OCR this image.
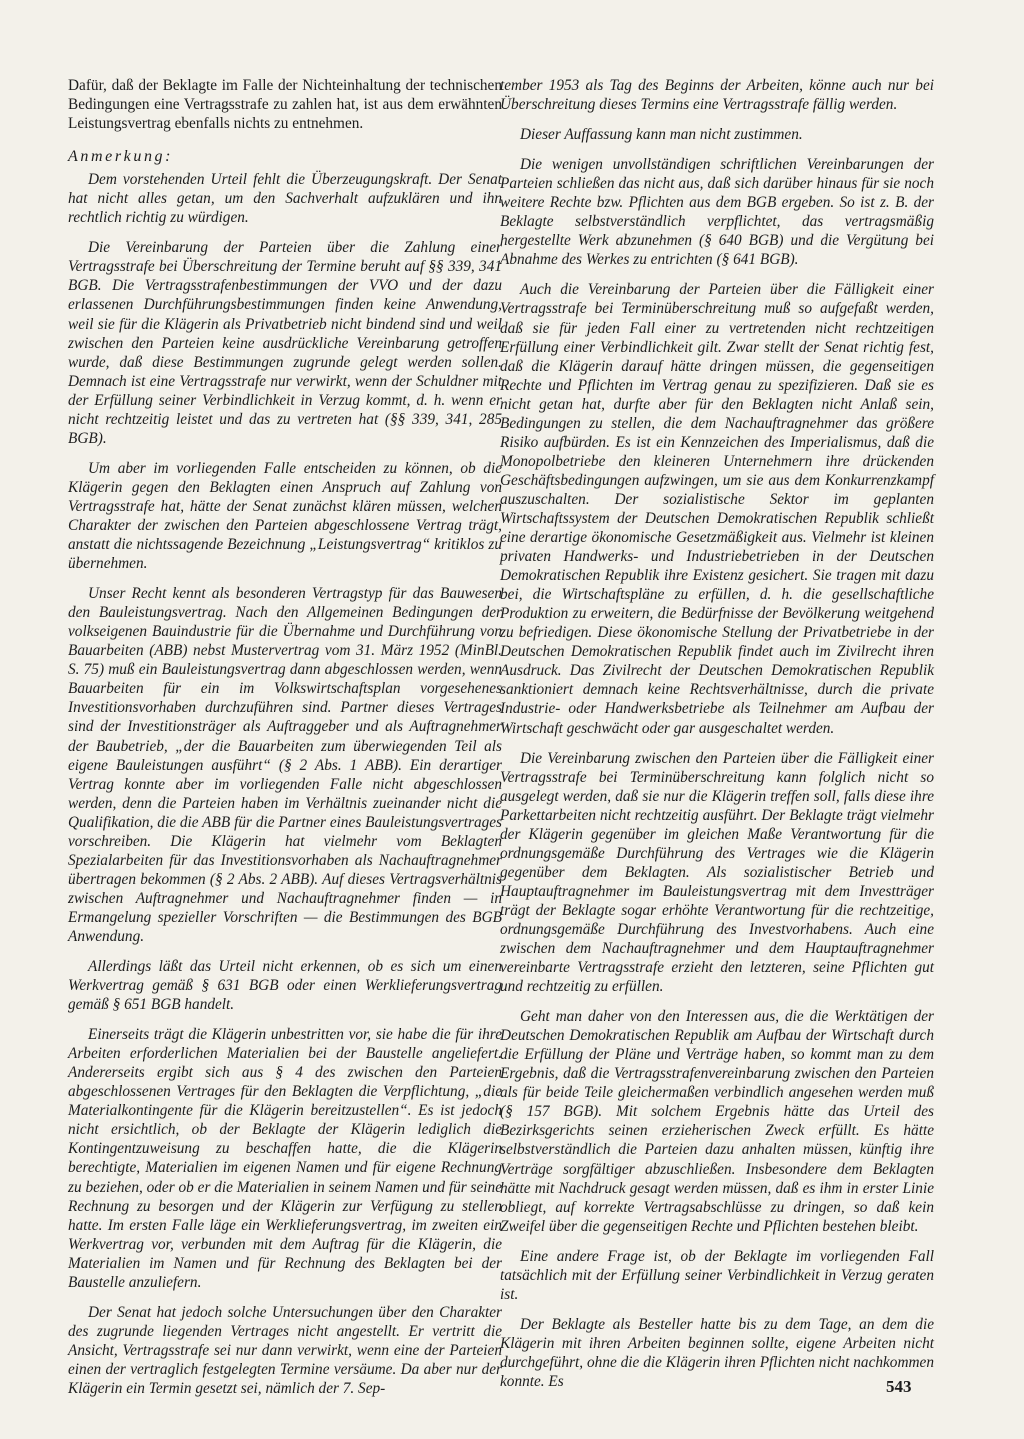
Dafür, daß der Beklagte im Falle der Nichteinhaltung der technischen Bedingungen eine Vertragsstrafe zu zahlen hat, ist aus dem erwähnten Leistungsvertrag ebenfalls nichts zu entnehmen.

Anmerkung:

Dem vorstehenden Urteil fehlt die Überzeugungskraft. Der Senat hat nicht alles getan, um den Sachverhalt aufzuklären und ihn rechtlich richtig zu würdigen.

Die Vereinbarung der Parteien über die Zahlung einer Vertragsstrafe bei Überschreitung der Termine beruht auf §§ 339, 341 BGB. Die Vertragsstrafenbestimmungen der VVO und der dazu erlassenen Durchführungsbestimmungen finden keine Anwendung, weil sie für die Klägerin als Privatbetrieb nicht bindend sind und weil zwischen den Parteien keine ausdrückliche Vereinbarung getroffen wurde, daß diese Bestimmungen zugrunde gelegt werden sollen. Demnach ist eine Vertragsstrafe nur verwirkt, wenn der Schuldner mit der Erfüllung seiner Verbindlichkeit in Verzug kommt, d. h. wenn er nicht rechtzeitig leistet und das zu vertreten hat (§§ 339, 341, 285 BGB).

Um aber im vorliegenden Falle entscheiden zu können, ob die Klägerin gegen den Beklagten einen Anspruch auf Zahlung von Vertragsstrafe hat, hätte der Senat zunächst klären müssen, welchen Charakter der zwischen den Parteien abgeschlossene Vertrag trägt, anstatt die nichtssagende Bezeichnung „Leistungsvertrag“ kritiklos zu übernehmen.

Unser Recht kennt als besonderen Vertragstyp für das Bauwesen den Bauleistungsvertrag. Nach den Allgemeinen Bedingungen der volkseigenen Bauindustrie für die Übernahme und Durchführung von Bauarbeiten (ABB) nebst Mustervertrag vom 31. März 1952 (MinBl. S. 75) muß ein Bauleistungsvertrag dann abgeschlossen werden, wenn Bauarbeiten für ein im Volkswirtschaftsplan vorgesehenes Investitionsvorhaben durchzuführen sind. Partner dieses Vertrages sind der Investitionsträger als Auftraggeber und als Auftragnehmer der Baubetrieb, „der die Bauarbeiten zum überwiegenden Teil als eigene Bauleistungen ausführt“ (§ 2 Abs. 1 ABB). Ein derartiger Vertrag konnte aber im vorliegenden Falle nicht abgeschlossen werden, denn die Parteien haben im Verhältnis zueinander nicht die Qualifikation, die die ABB für die Partner eines Bauleistungsvertrages vorschreiben. Die Klägerin hat vielmehr vom Beklagten Spezialarbeiten für das Investitionsvorhaben als Nachauftragnehmer übertragen bekommen (§ 2 Abs. 2 ABB). Auf dieses Vertragsverhältnis zwischen Auftragnehmer und Nachauftragnehmer finden — in Ermangelung spezieller Vorschriften — die Bestimmungen des BGB Anwendung.

Allerdings läßt das Urteil nicht erkennen, ob es sich um einen Werkvertrag gemäß § 631 BGB oder einen Werklieferungsvertrag gemäß § 651 BGB handelt.

Einerseits trägt die Klägerin unbestritten vor, sie habe die für ihre Arbeiten erforderlichen Materialien bei der Baustelle angeliefert. Andererseits ergibt sich aus § 4 des zwischen den Parteien abgeschlossenen Vertrages für den Beklagten die Verpflichtung, „die Materialkontingente für die Klägerin bereitzustellen“. Es ist jedoch nicht ersichtlich, ob der Beklagte der Klägerin lediglich die Kontingentzuweisung zu beschaffen hatte, die die Klägerin berechtigte, Materialien im eigenen Namen und für eigene Rechnung zu beziehen, oder ob er die Materialien in seinem Namen und für seine Rechnung zu besorgen und der Klägerin zur Verfügung zu stellen hatte. Im ersten Falle läge ein Werklieferungsvertrag, im zweiten ein Werkvertrag vor, verbunden mit dem Auftrag für die Klägerin, die Materialien im Namen und für Rechnung des Beklagten bei der Baustelle anzuliefern.

Der Senat hat jedoch solche Untersuchungen über den Charakter des zugrunde liegenden Vertrages nicht angestellt. Er vertritt die Ansicht, Vertragsstrafe sei nur dann verwirkt, wenn eine der Parteien einen der vertraglich festgelegten Termine versäume. Da aber nur der Klägerin ein Termin gesetzt sei, nämlich der 7. Sep-

tember 1953 als Tag des Beginns der Arbeiten, könne auch nur bei Überschreitung dieses Termins eine Vertragsstrafe fällig werden.

Dieser Auffassung kann man nicht zustimmen.

Die wenigen unvollständigen schriftlichen Vereinbarungen der Parteien schließen das nicht aus, daß sich darüber hinaus für sie noch weitere Rechte bzw. Pflichten aus dem BGB ergeben. So ist z. B. der Beklagte selbstverständlich verpflichtet, das vertragsmäßig hergestellte Werk abzunehmen (§ 640 BGB) und die Vergütung bei Abnahme des Werkes zu entrichten (§ 641 BGB).

Auch die Vereinbarung der Parteien über die Fälligkeit einer Vertragsstrafe bei Terminüberschreitung muß so aufgefaßt werden, daß sie für jeden Fall einer zu vertretenden nicht rechtzeitigen Erfüllung einer Verbindlichkeit gilt. Zwar stellt der Senat richtig fest, daß die Klägerin darauf hätte dringen müssen, die gegenseitigen Rechte und Pflichten im Vertrag genau zu spezifizieren. Daß sie es nicht getan hat, durfte aber für den Beklagten nicht Anlaß sein, Bedingungen zu stellen, die dem Nachauftragnehmer das größere Risiko aufbürden. Es ist ein Kennzeichen des Imperialismus, daß die Monopolbetriebe den kleineren Unternehmern ihre drückenden Geschäftsbedingungen aufzwingen, um sie aus dem Konkurrenzkampf auszuschalten. Der sozialistische Sektor im geplanten Wirtschaftssystem der Deutschen Demokratischen Republik schließt eine derartige ökonomische Gesetzmäßigkeit aus. Vielmehr ist kleinen privaten Handwerks- und Industriebetrieben in der Deutschen Demokratischen Republik ihre Existenz gesichert. Sie tragen mit dazu bei, die Wirtschaftspläne zu erfüllen, d. h. die gesellschaftliche Produktion zu erweitern, die Bedürfnisse der Bevölkerung weitgehend zu befriedigen. Diese ökonomische Stellung der Privatbetriebe in der Deutschen Demokratischen Republik findet auch im Zivilrecht ihren Ausdruck. Das Zivilrecht der Deutschen Demokratischen Republik sanktioniert demnach keine Rechtsverhältnisse, durch die private Industrie- oder Handwerksbetriebe als Teilnehmer am Aufbau der Wirtschaft geschwächt oder gar ausgeschaltet werden.

Die Vereinbarung zwischen den Parteien über die Fälligkeit einer Vertragsstrafe bei Terminüberschreitung kann folglich nicht so ausgelegt werden, daß sie nur die Klägerin treffen soll, falls diese ihre Parkettarbeiten nicht rechtzeitig ausführt. Der Beklagte trägt vielmehr der Klägerin gegenüber im gleichen Maße Verantwortung für die ordnungsgemäße Durchführung des Vertrages wie die Klägerin gegenüber dem Beklagten. Als sozialistischer Betrieb und Hauptauftragnehmer im Bauleistungsvertrag mit dem Investträger trägt der Beklagte sogar erhöhte Verantwortung für die rechtzeitige, ordnungsgemäße Durchführung des Investvorhabens. Auch eine zwischen dem Nachauftragnehmer und dem Hauptauftragnehmer vereinbarte Vertragsstrafe erzieht den letzteren, seine Pflichten gut und rechtzeitig zu erfüllen.

Geht man daher von den Interessen aus, die die Werktätigen der Deutschen Demokratischen Republik am Aufbau der Wirtschaft durch die Erfüllung der Pläne und Verträge haben, so kommt man zu dem Ergebnis, daß die Vertragsstrafenvereinbarung zwischen den Parteien als für beide Teile gleichermaßen verbindlich angesehen werden muß (§ 157 BGB). Mit solchem Ergebnis hätte das Urteil des Bezirksgerichts seinen erzieherischen Zweck erfüllt. Es hätte selbstverständlich die Parteien dazu anhalten müssen, künftig ihre Verträge sorgfältiger abzuschließen. Insbesondere dem Beklagten hätte mit Nachdruck gesagt werden müssen, daß es ihm in erster Linie obliegt, auf korrekte Vertragsabschlüsse zu dringen, so daß kein Zweifel über die gegenseitigen Rechte und Pflichten bestehen bleibt.

Eine andere Frage ist, ob der Beklagte im vorliegenden Fall tatsächlich mit der Erfüllung seiner Verbindlichkeit in Verzug geraten ist.

Der Beklagte als Besteller hatte bis zu dem Tage, an dem die Klägerin mit ihren Arbeiten beginnen sollte, eigene Arbeiten nicht durchgeführt, ohne die die Klägerin ihren Pflichten nicht nachkommen konnte. Es	543
